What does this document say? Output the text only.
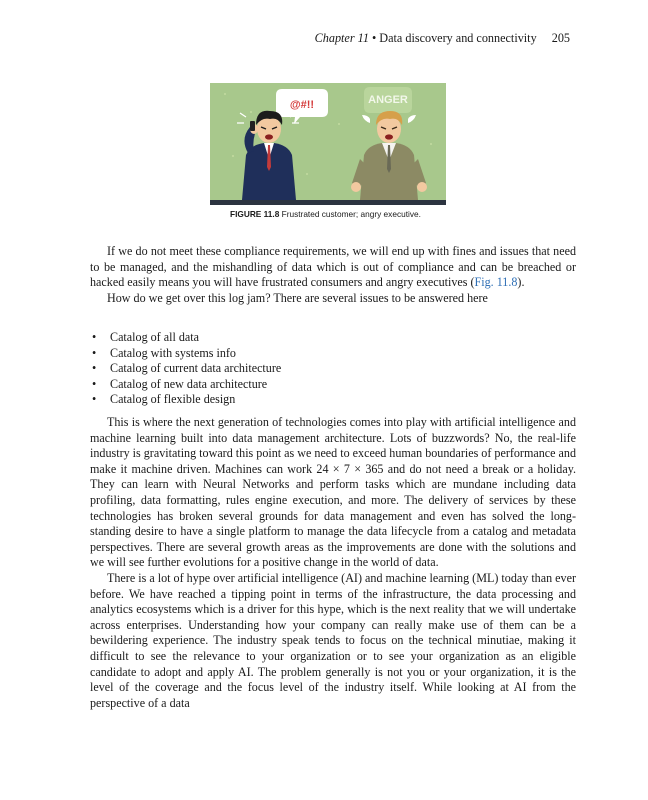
Chapter 11 • Data discovery and connectivity 205
@#!!	ANGER
FIGURE 11.8 Frustrated customer; angry executive.

If we do not meet these compliance requirements, we will end up with fines and issues that need to be managed, and the mishandling of data which is out of compliance and can be breached or hacked easily means you will have frustrated consumers and angry executives (Fig. 11.8).

How do we get over this log jam? There are several issues to be answered here

• Catalog of all data
• Catalog with systems info
• Catalog of current data architecture
• Catalog of new data architecture
• Catalog of flexible design

This is where the next generation of technologies comes into play with artificial intelligence and machine learning built into data management architecture. Lots of buzzwords? No, the real-life industry is gravitating toward this point as we need to exceed human boundaries of performance and make it machine driven. Machines can work 24 × 7 × 365 and do not need a break or a holiday. They can learn with Neural Networks and perform tasks which are mundane including data profiling, data formatting, rules engine execution, and more. The delivery of services by these technologies has broken several grounds for data management and even has solved the long-standing desire to have a single platform to manage the data lifecycle from a catalog and metadata perspectives. There are several growth areas as the improvements are done with the solutions and we will see further evolutions for a positive change in the world of data.

There is a lot of hype over artificial intelligence (AI) and machine learning (ML) today than ever before. We have reached a tipping point in terms of the infrastructure, the data processing and analytics ecosystems which is a driver for this hype, which is the next reality that we will undertake across enterprises. Understanding how your company can really make use of them can be a bewildering experience. The industry speak tends to focus on the technical minutiae, making it difficult to see the relevance to your organization or to see your organization as an eligible candidate to adopt and apply AI. The problem generally is not you or your organization, it is the level of the coverage and the focus level of the industry itself. While looking at AI from the perspective of a data
